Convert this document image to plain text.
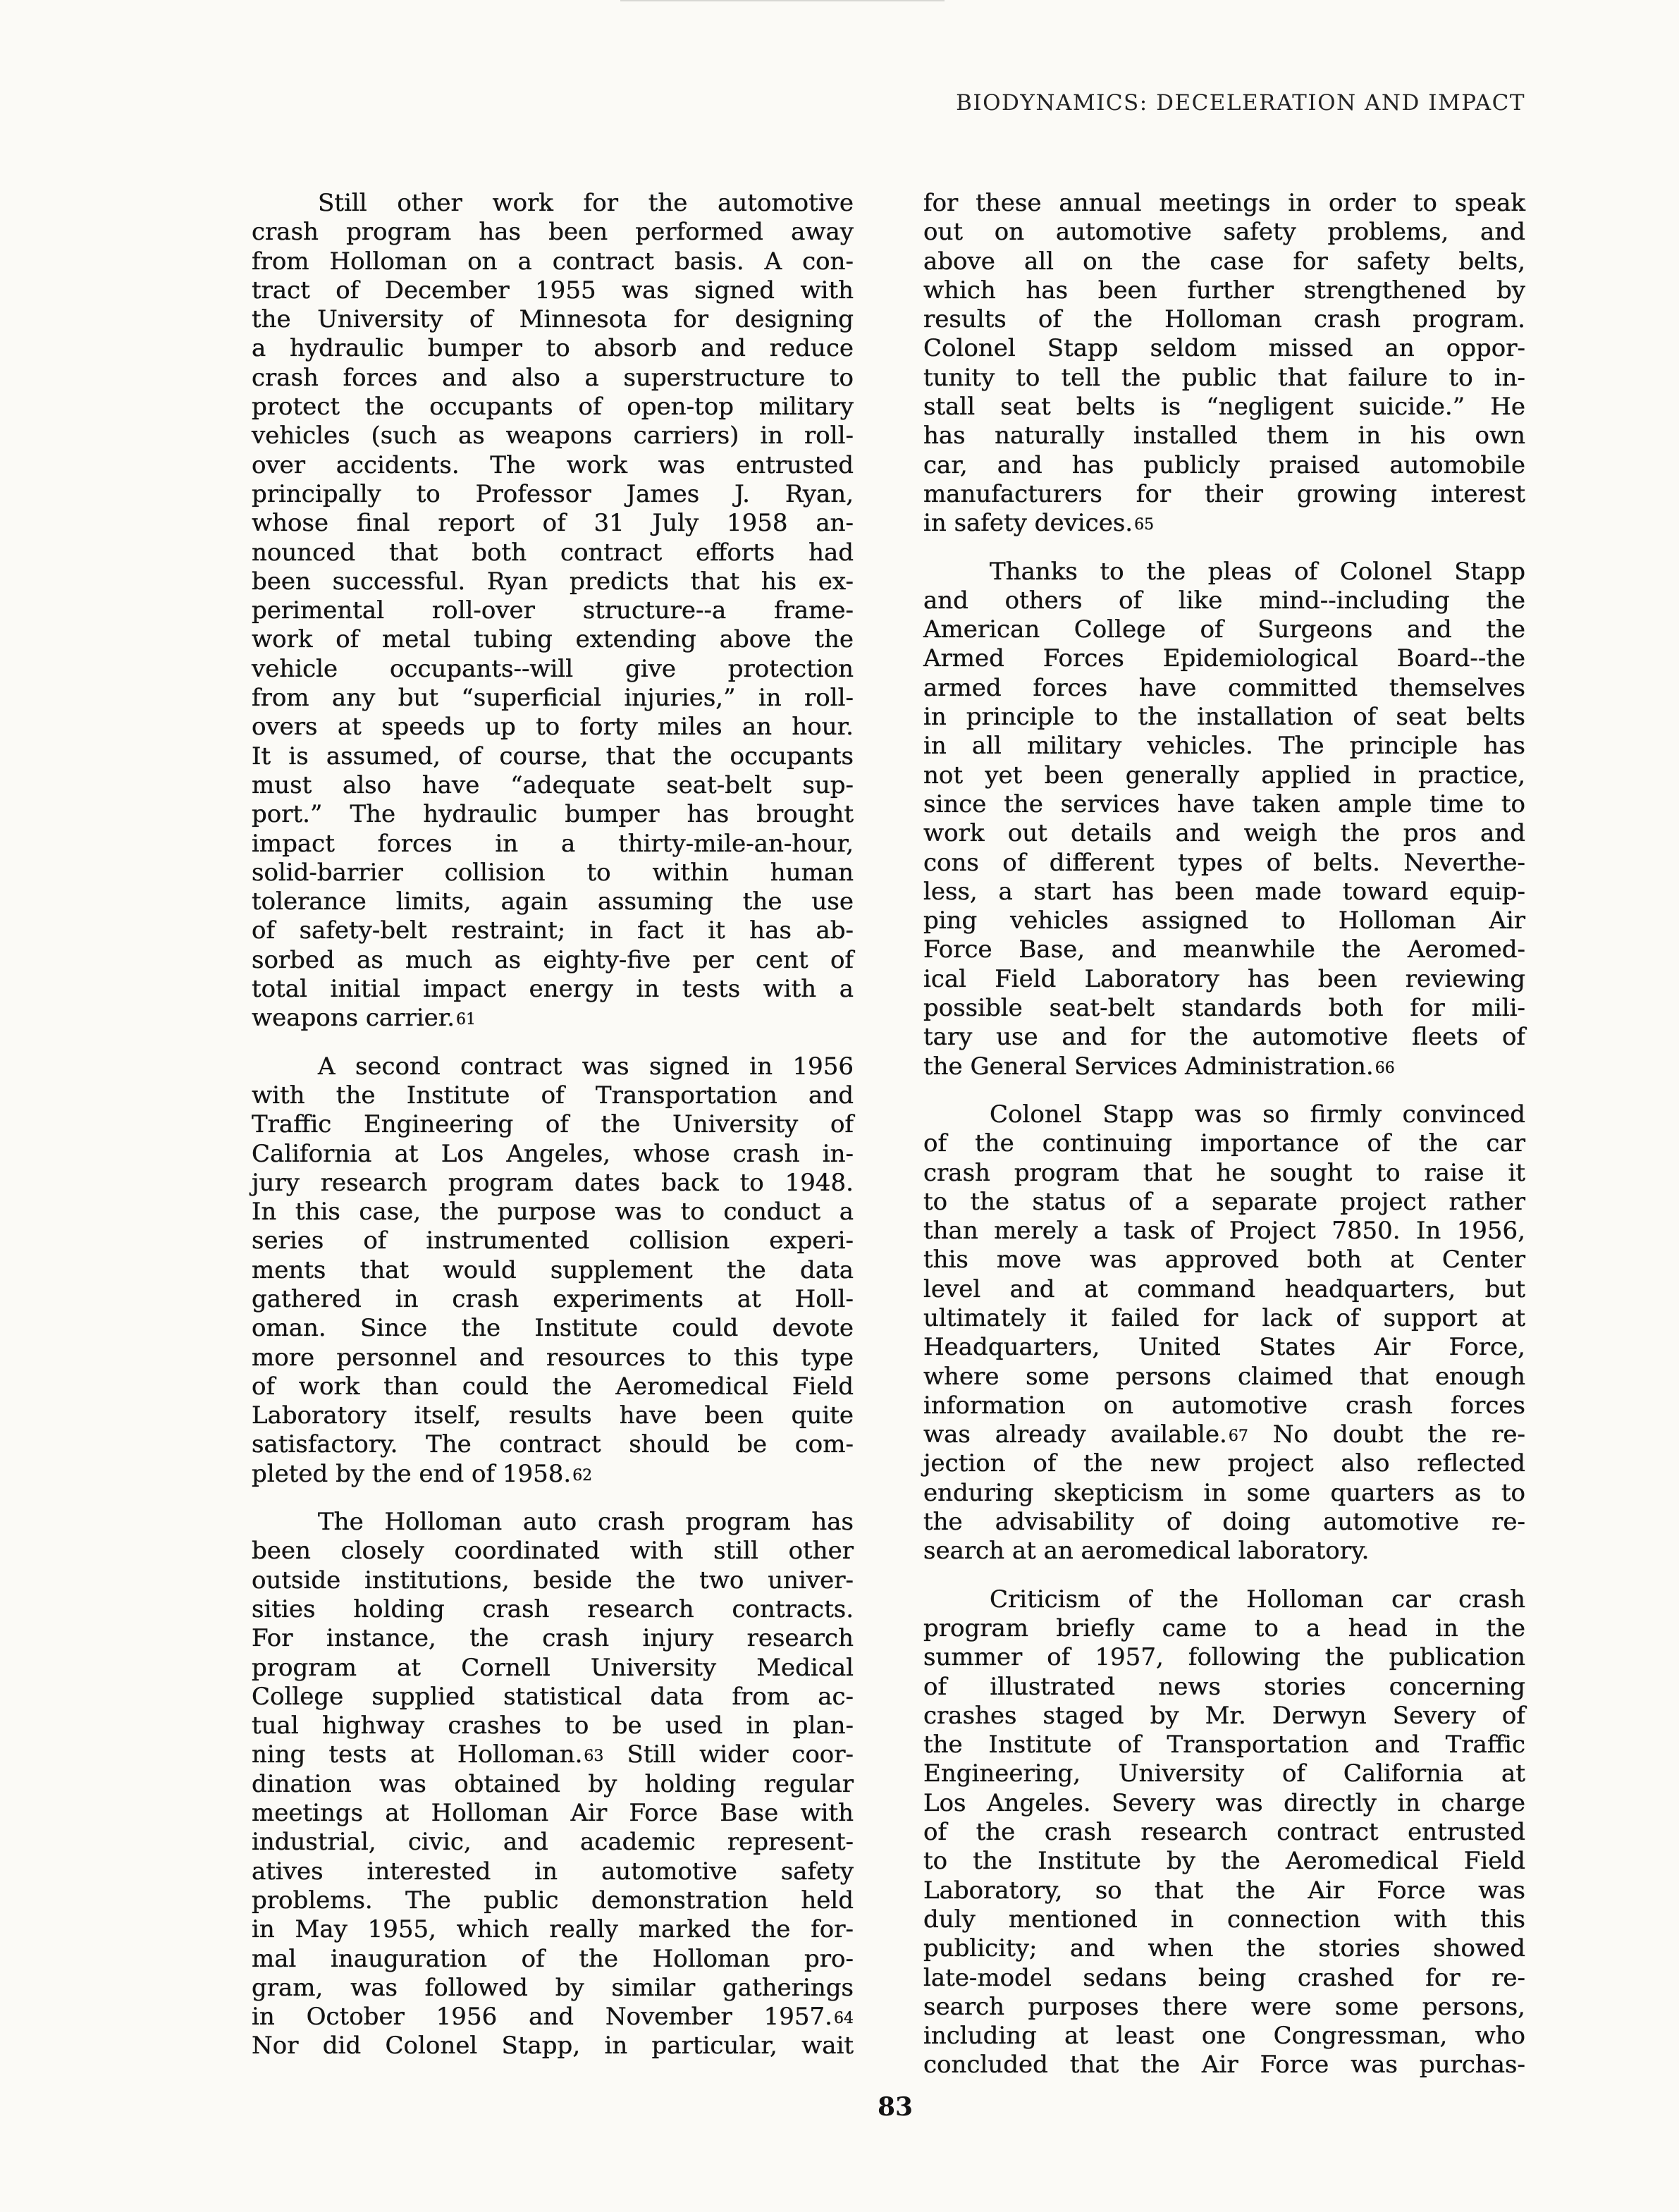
BIODYNAMICS: DECELERATION AND IMPACT
Still other work for the automotive
crash program has been performed away
from Holloman on a contract basis. A con-
tract of December 1955 was signed with
the University of Minnesota for designing
a hydraulic bumper to absorb and reduce
crash forces and also a superstructure to
protect the occupants of open-top military
vehicles (such as weapons carriers) in roll-
over accidents. The work was entrusted
principally to Professor James J. Ryan,
whose final report of 31 July 1958 an-
nounced that both contract efforts had
been successful. Ryan predicts that his ex-
perimental roll-over structure--a frame-
work of metal tubing extending above the
vehicle occupants--will give protection
from any but “superficial injuries,” in roll-
overs at speeds up to forty miles an hour.
It is assumed, of course, that the occupants
must also have “adequate seat-belt sup-
port.” The hydraulic bumper has brought
impact forces in a thirty-mile-an-hour,
solid-barrier collision to within human
tolerance limits, again assuming the use
of safety-belt restraint; in fact it has ab-
sorbed as much as eighty-five per cent of
total initial impact energy in tests with a
weapons carrier.61
A second contract was signed in 1956
with the Institute of Transportation and
Traffic Engineering of the University of
California at Los Angeles, whose crash in-
jury research program dates back to 1948.
In this case, the purpose was to conduct a
series of instrumented collision experi-
ments that would supplement the data
gathered in crash experiments at Holl-
oman. Since the Institute could devote
more personnel and resources to this type
of work than could the Aeromedical Field
Laboratory itself, results have been quite
satisfactory. The contract should be com-
pleted by the end of 1958.62
The Holloman auto crash program has
been closely coordinated with still other
outside institutions, beside the two univer-
sities holding crash research contracts.
For instance, the crash injury research
program at Cornell University Medical
College supplied statistical data from ac-
tual highway crashes to be used in plan-
ning tests at Holloman.63 Still wider coor-
dination was obtained by holding regular
meetings at Holloman Air Force Base with
industrial, civic, and academic represent-
atives interested in automotive safety
problems. The public demonstration held
in May 1955, which really marked the for-
mal inauguration of the Holloman pro-
gram, was followed by similar gatherings
in October 1956 and November 1957.64
Nor did Colonel Stapp, in particular, wait
for these annual meetings in order to speak
out on automotive safety problems, and
above all on the case for safety belts,
which has been further strengthened by
results of the Holloman crash program.
Colonel Stapp seldom missed an oppor-
tunity to tell the public that failure to in-
stall seat belts is “negligent suicide.” He
has naturally installed them in his own
car, and has publicly praised automobile
manufacturers for their growing interest
in safety devices.65
Thanks to the pleas of Colonel Stapp
and others of like mind--including the
American College of Surgeons and the
Armed Forces Epidemiological Board--the
armed forces have committed themselves
in principle to the installation of seat belts
in all military vehicles. The principle has
not yet been generally applied in practice,
since the services have taken ample time to
work out details and weigh the pros and
cons of different types of belts. Neverthe-
less, a start has been made toward equip-
ping vehicles assigned to Holloman Air
Force Base, and meanwhile the Aeromed-
ical Field Laboratory has been reviewing
possible seat-belt standards both for mili-
tary use and for the automotive fleets of
the General Services Administration.66
Colonel Stapp was so firmly convinced
of the continuing importance of the car
crash program that he sought to raise it
to the status of a separate project rather
than merely a task of Project 7850. In 1956,
this move was approved both at Center
level and at command headquarters, but
ultimately it failed for lack of support at
Headquarters, United States Air Force,
where some persons claimed that enough
information on automotive crash forces
was already available.67 No doubt the re-
jection of the new project also reflected
enduring skepticism in some quarters as to
the advisability of doing automotive re-
search at an aeromedical laboratory.
Criticism of the Holloman car crash
program briefly came to a head in the
summer of 1957, following the publication
of illustrated news stories concerning
crashes staged by Mr. Derwyn Severy of
the Institute of Transportation and Traffic
Engineering, University of California at
Los Angeles. Severy was directly in charge
of the crash research contract entrusted
to the Institute by the Aeromedical Field
Laboratory, so that the Air Force was
duly mentioned in connection with this
publicity; and when the stories showed
late-model sedans being crashed for re-
search purposes there were some persons,
including at least one Congressman, who
concluded that the Air Force was purchas-
83
